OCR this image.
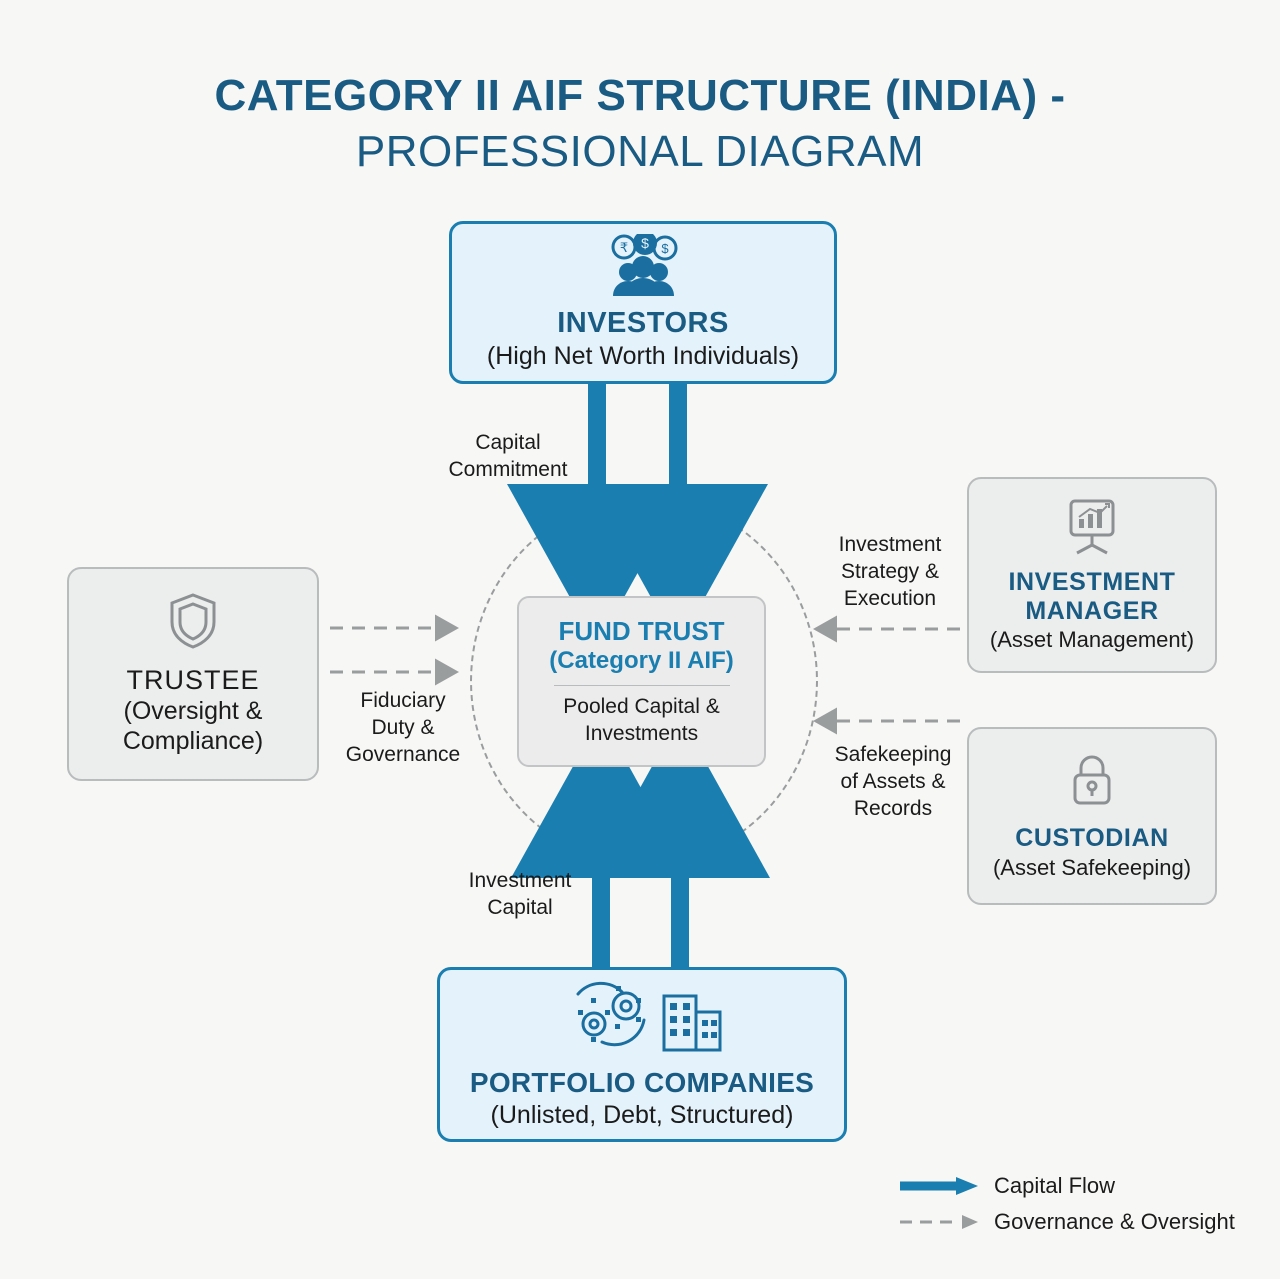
CATEGORY II AIF STRUCTURE (INDIA) -
PROFESSIONAL DIAGRAM
₹ $ $
INVESTORS
(High Net Worth Individuals)
FUND TRUST
(Category II AIF)
Pooled Capital & Investments
TRUSTEE
(Oversight &
Compliance)
INVESTMENT
MANAGER
(Asset Management)
CUSTODIAN
(Asset Safekeeping)
PORTFOLIO COMPANIES
(Unlisted, Debt, Structured)
Capital
Commitment
Fiduciary
Duty &
Governance
Investment
Capital
Investment
Strategy &
Execution
Safekeeping
of Assets &
Records
Capital Flow
Governance & Oversight
